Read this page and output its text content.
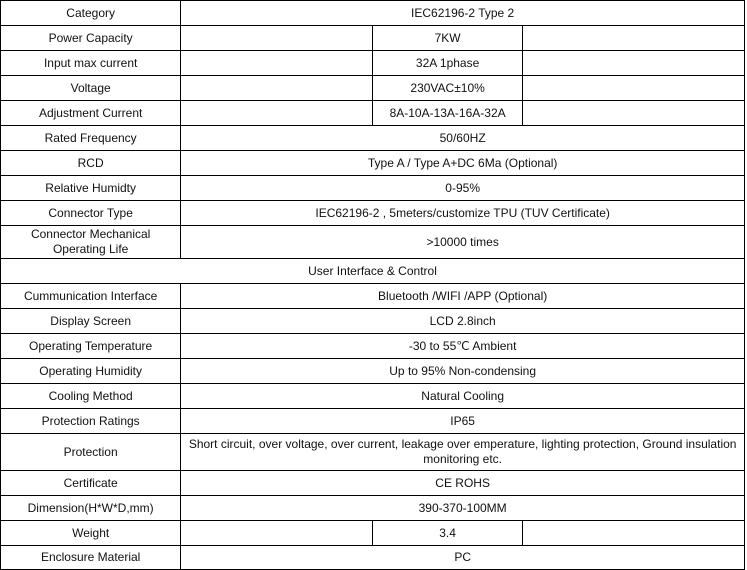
Category	IEC62196-2 Type 2		
Power Capacity		7KW	
Input max current		32A 1phase	
Voltage		230VAC±10%	
Adjustment Current		8A-10A-13A-16A-32A	
Rated Frequency	50/60HZ		
RCD	Type A / Type A+DC 6Ma (Optional)		
Relative Humidty	0-95%		
Connector Type	IEC62196-2 , 5meters/customize TPU (TUV Certificate)		
Connector Mechanical Operating Life	>10000 times		
User Interface & Control			
Cummunication Interface	Bluetooth /WIFI /APP (Optional)		
Display Screen	LCD 2.8inch		
Operating Temperature	-30 to 55℃ Ambient		
Operating Humidity	Up to 95% Non-condensing		
Cooling Method	Natural Cooling		
Protection Ratings	IP65		
Protection	Short circuit, over voltage, over current, leakage over emperature, lighting protection, Ground insulation monitoring etc.		
Certificate	CE ROHS		
Dimension(H*W*D,mm)	390-370-100MM		
Weight		3.4	
Enclosure Material	PC		
